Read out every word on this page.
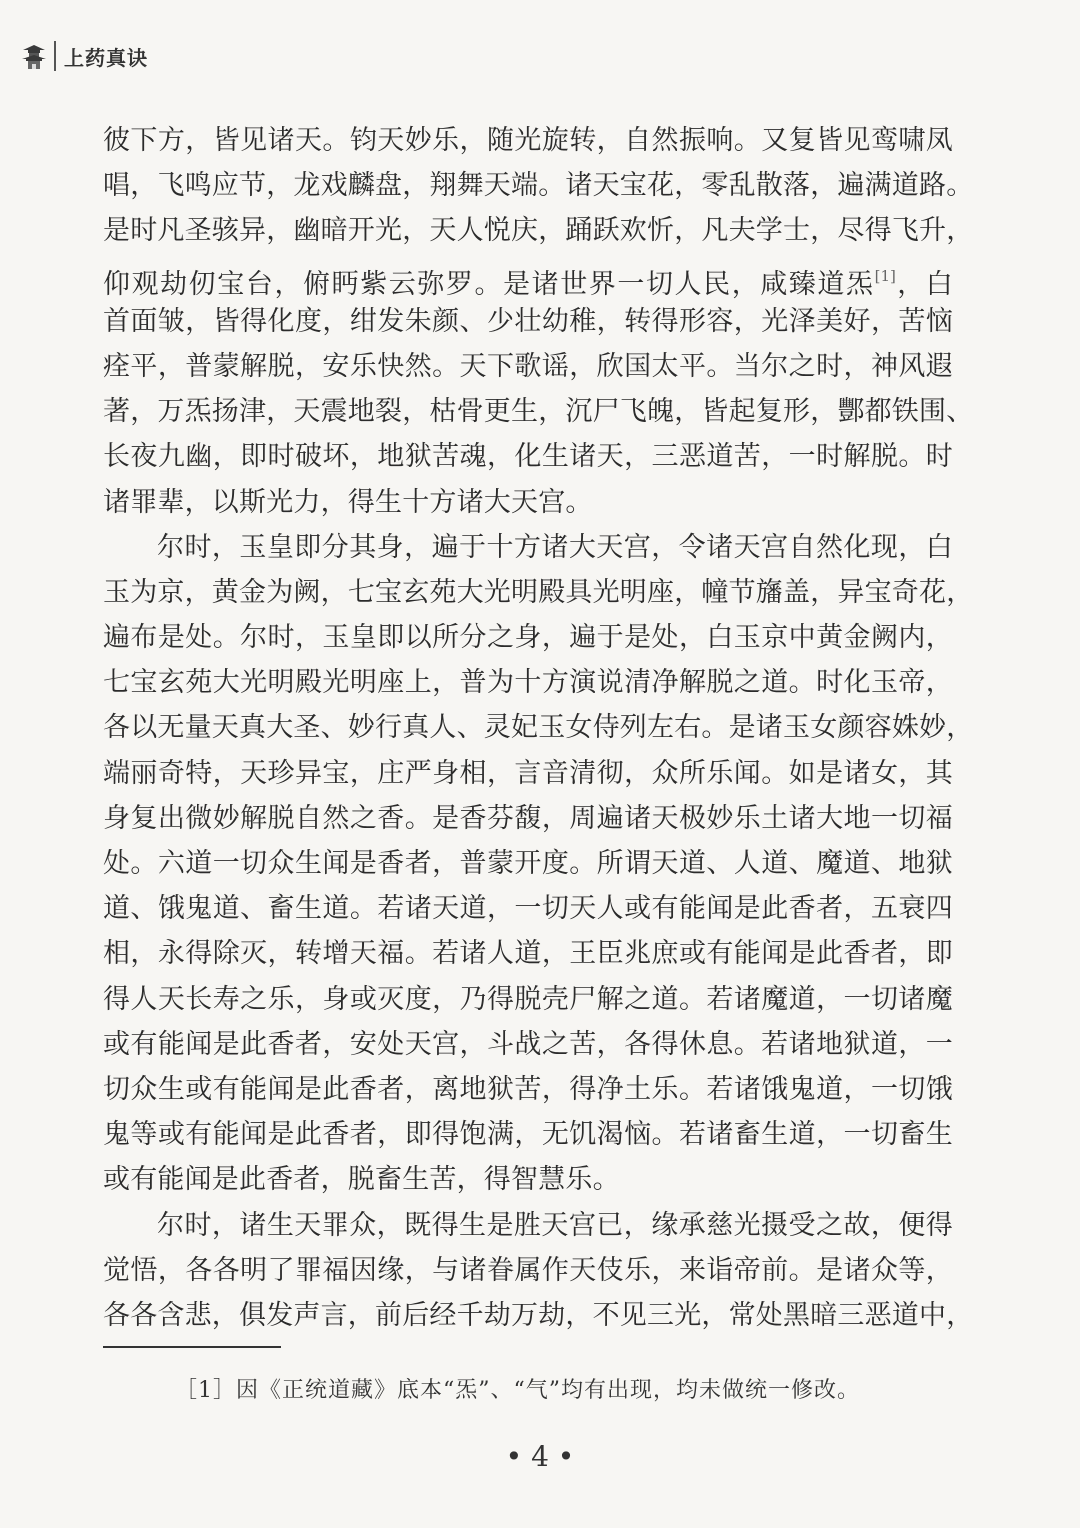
上药真诀
彼下方，皆见诸天。钧天妙乐，随光旋转，自然振响。又复皆见鸾啸凤
唱，飞鸣应节，龙戏麟盘，翔舞天端。诸天宝花，零乱散落，遍满道路。
是时凡圣骇异，幽暗开光，天人悦庆，踊跃欢忻，凡夫学士，尽得飞升，
仰观劫仞宝台，俯眄紫云弥罗。是诸世界一切人民，咸臻道炁[1]，白
首面皱，皆得化度，绀发朱颜、少壮幼稚，转得形容，光泽美好，苦恼
痊平，普蒙解脱，安乐快然。天下歌谣，欣国太平。当尔之时，神风遐
著，万炁扬津，天震地裂，枯骨更生，沉尸飞魄，皆起复形，酆都铁围、
长夜九幽，即时破坏，地狱苦魂，化生诸天，三恶道苦，一时解脱。时
诸罪辈，以斯光力，得生十方诸大天宫。
尔时，玉皇即分其身，遍于十方诸大天宫，令诸天宫自然化现，白
玉为京，黄金为阙，七宝玄苑大光明殿具光明座，幢节旛盖，异宝奇花，
遍布是处。尔时，玉皇即以所分之身，遍于是处，白玉京中黄金阙内，
七宝玄苑大光明殿光明座上，普为十方演说清净解脱之道。时化玉帝，
各以无量天真大圣、妙行真人、灵妃玉女侍列左右。是诸玉女颜容姝妙，
端丽奇特，天珍异宝，庄严身相，言音清彻，众所乐闻。如是诸女，其
身复出微妙解脱自然之香。是香芬馥，周遍诸天极妙乐土诸大地一切福
处。六道一切众生闻是香者，普蒙开度。所谓天道、人道、魔道、地狱
道、饿鬼道、畜生道。若诸天道，一切天人或有能闻是此香者，五衰四
相，永得除灭，转增天福。若诸人道，王臣兆庶或有能闻是此香者，即
得人天长寿之乐，身或灭度，乃得脱壳尸解之道。若诸魔道，一切诸魔
或有能闻是此香者，安处天宫，斗战之苦，各得休息。若诸地狱道，一
切众生或有能闻是此香者，离地狱苦，得净土乐。若诸饿鬼道，一切饿
鬼等或有能闻是此香者，即得饱满，无饥渴恼。若诸畜生道，一切畜生
或有能闻是此香者，脱畜生苦，得智慧乐。
尔时，诸生天罪众，既得生是胜天宫已，缘承慈光摄受之故，便得
觉悟，各各明了罪福因缘，与诸眷属作天伎乐，来诣帝前。是诸众等，
各各含悲，俱发声言，前后经千劫万劫，不见三光，常处黑暗三恶道中，
［1］因《正统道藏》底本“炁”、“气”均有出现，均未做统一修改。
• 4 •
